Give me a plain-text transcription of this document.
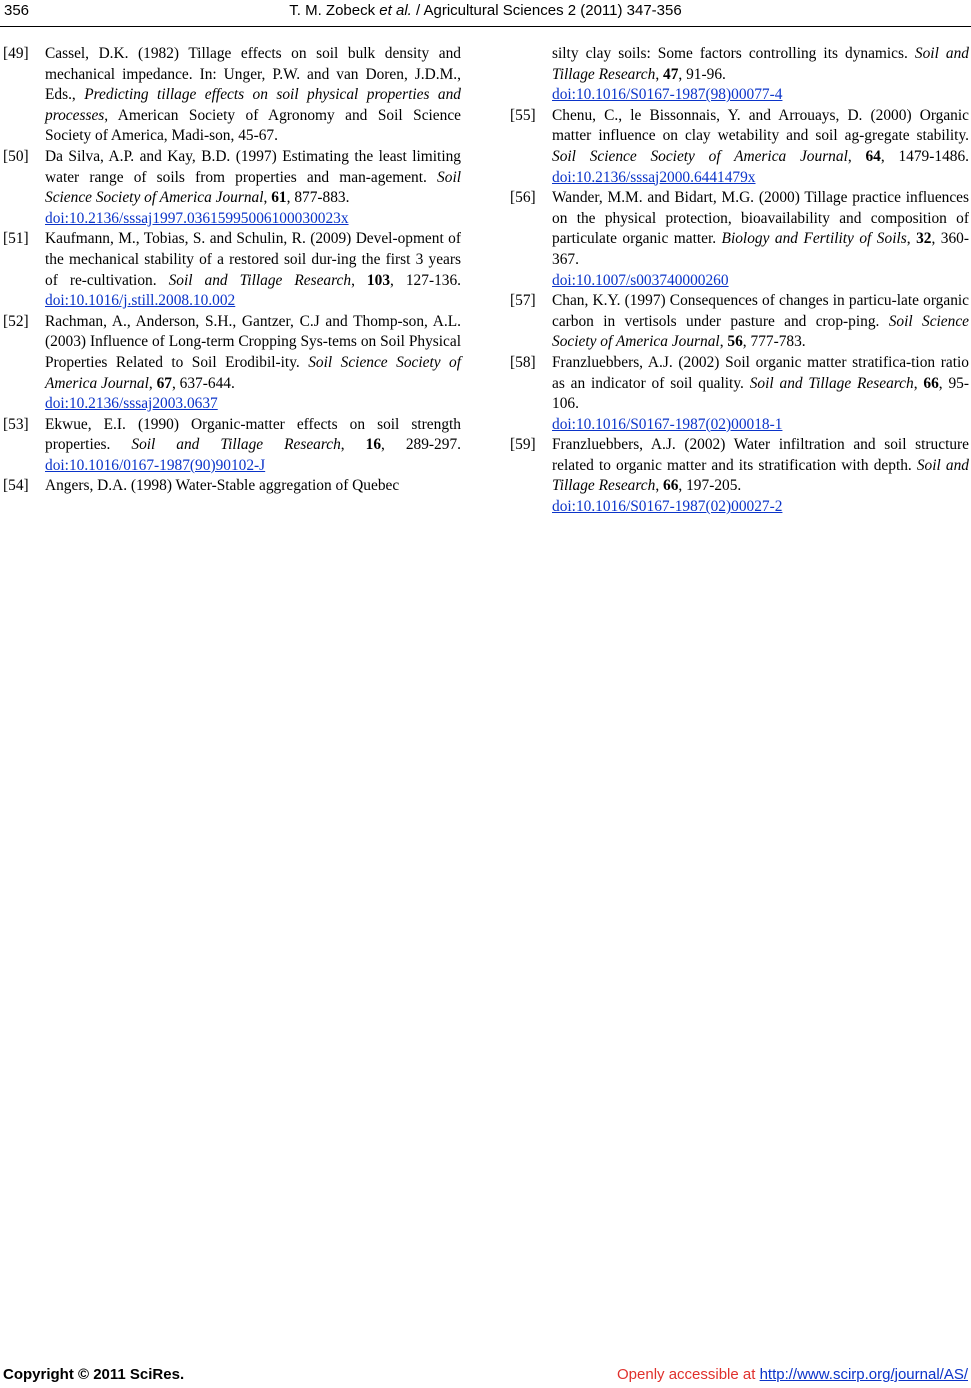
356	T. M. Zobeck et al. / Agricultural Sciences 2 (2011) 347-356

[49] Cassel, D.K. (1982) Tillage effects on soil bulk density and mechanical impedance. In: Unger, P.W. and van Doren, J.D.M., Eds., Predicting tillage effects on soil physical properties and processes, American Society of Agronomy and Soil Science Society of America, Madi-son, 45-67.

[50] Da Silva, A.P. and Kay, B.D. (1997) Estimating the least limiting water range of soils from properties and man-agement. Soil Science Society of America Journal, 61, 877-883.
doi:10.2136/sssaj1997.03615995006100030023x

[51] Kaufmann, M., Tobias, S. and Schulin, R. (2009) Devel-opment of the mechanical stability of a restored soil dur-ing the first 3 years of re-cultivation. Soil and Tillage Research, 103, 127-136. doi:10.1016/j.still.2008.10.002

[52] Rachman, A., Anderson, S.H., Gantzer, C.J and Thomp-son, A.L. (2003) Influence of Long-term Cropping Sys-tems on Soil Physical Properties Related to Soil Erodibil-ity. Soil Science Society of America Journal, 67, 637-644.
doi:10.2136/sssaj2003.0637

[53] Ekwue, E.I. (1990) Organic-matter effects on soil strength properties. Soil and Tillage Research, 16, 289-297. doi:10.1016/0167-1987(90)90102-J

[54] Angers, D.A. (1998) Water-Stable aggregation of Quebec

silty clay soils: Some factors controlling its dynamics. Soil and Tillage Research, 47, 91-96.
doi:10.1016/S0167-1987(98)00077-4

[55] Chenu, C., le Bissonnais, Y. and Arrouays, D. (2000) Organic matter influence on clay wetability and soil ag-gregate stability. Soil Science Society of America Journal, 64, 1479-1486. doi:10.2136/sssaj2000.6441479x

[56] Wander, M.M. and Bidart, M.G. (2000) Tillage practice influences on the physical protection, bioavailability and composition of particulate organic matter. Biology and Fertility of Soils, 32, 360-367.
doi:10.1007/s003740000260

[57] Chan, K.Y. (1997) Consequences of changes in particu-late organic carbon in vertisols under pasture and crop-ping. Soil Science Society of America Journal, 56, 777-783.

[58] Franzluebbers, A.J. (2002) Soil organic matter stratifica-tion ratio as an indicator of soil quality. Soil and Tillage Research, 66, 95-106.
doi:10.1016/S0167-1987(02)00018-1

[59] Franzluebbers, A.J. (2002) Water infiltration and soil structure related to organic matter and its stratification with depth. Soil and Tillage Research, 66, 197-205.
doi:10.1016/S0167-1987(02)00027-2

Copyright © 2011 SciRes.	Openly accessible at http://www.scirp.org/journal/AS/
